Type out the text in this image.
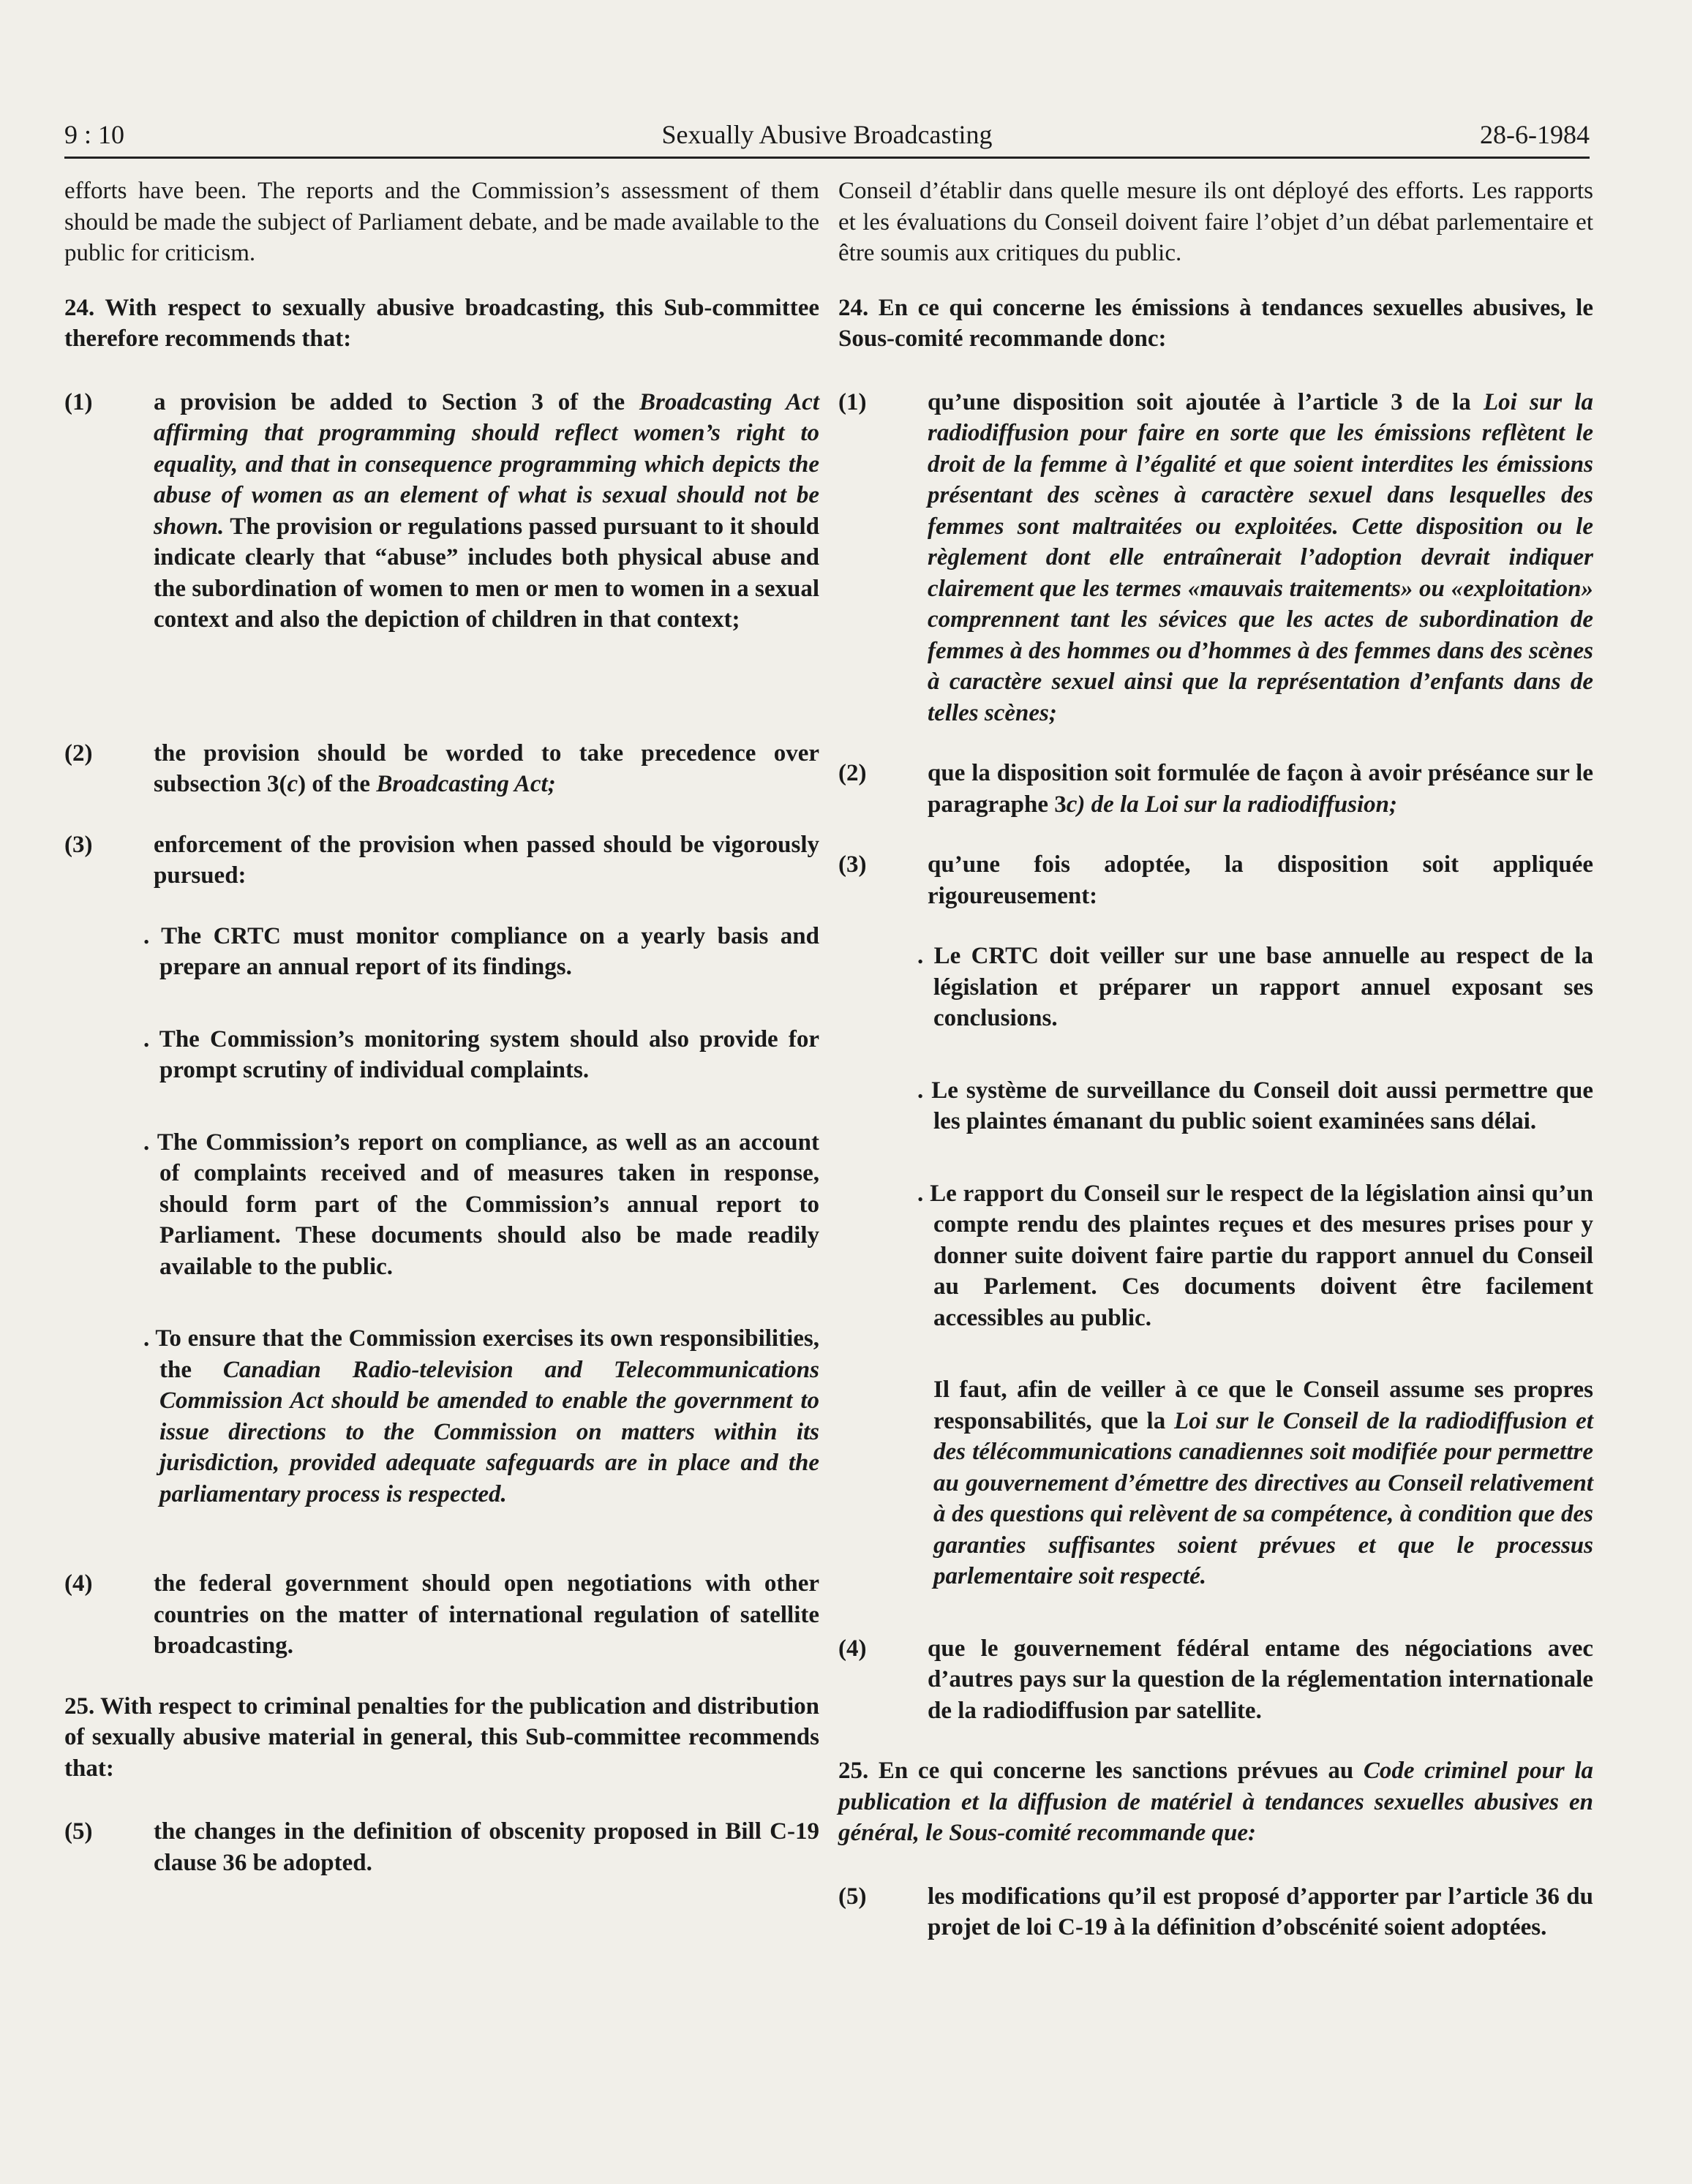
9 : 10	Sexually Abusive Broadcasting	28-6-1984

efforts have been. The reports and the Commission’s assessment of them should be made the subject of Parliament debate, and be made available to the public for criticism.

24. With respect to sexually abusive broadcasting, this Sub-committee therefore recommends that:

(1)	a provision be added to Section 3 of the Broadcasting Act affirming that programming should reflect women’s right to equality, and that in consequence programming which depicts the abuse of women as an element of what is sexual should not be shown. The provision or regulations passed pursuant to it should indicate clearly that “abuse” includes both physical abuse and the subordination of women to men or men to women in a sexual context and also the depiction of children in that context;
(2)	the provision should be worded to take precedence over subsection 3(c) of the Broadcasting Act;
(3)	enforcement of the provision when passed should be vigorously pursued:
. The CRTC must monitor compliance on a yearly basis and prepare an annual report of its findings.
. The Commission’s monitoring system should also provide for prompt scrutiny of individual complaints.
. The Commission’s report on compliance, as well as an account of complaints received and of measures taken in response, should form part of the Commission’s annual report to Parliament. These documents should also be made readily available to the public.
. To ensure that the Commission exercises its own responsibilities, the Canadian Radio-television and Telecommunications Commission Act should be amended to enable the government to issue directions to the Commission on matters within its jurisdiction, provided adequate safeguards are in place and the parliamentary process is respected.
(4)	the federal government should open negotiations with other countries on the matter of international regulation of satellite broadcasting.

25. With respect to criminal penalties for the publication and distribution of sexually abusive material in general, this Sub-committee recommends that:

(5)	the changes in the definition of obscenity proposed in Bill C-19 clause 36 be adopted.

Conseil d’établir dans quelle mesure ils ont déployé des efforts. Les rapports et les évaluations du Conseil doivent faire l’objet d’un débat parlementaire et être soumis aux critiques du public.

24. En ce qui concerne les émissions à tendances sexuelles abusives, le Sous-comité recommande donc:

(1)	qu’une disposition soit ajoutée à l’article 3 de la Loi sur la radiodiffusion pour faire en sorte que les émissions reflètent le droit de la femme à l’égalité et que soient interdites les émissions présentant des scènes à caractère sexuel dans lesquelles des femmes sont maltraitées ou exploitées. Cette disposition ou le règlement dont elle entraînerait l’adoption devrait indiquer clairement que les termes «mauvais traitements» ou «exploitation» comprennent tant les sévices que les actes de subordination de femmes à des hommes ou d’hommes à des femmes dans des scènes à caractère sexuel ainsi que la représentation d’enfants dans de telles scènes;
(2)	que la disposition soit formulée de façon à avoir préséance sur le paragraphe 3c) de la Loi sur la radiodiffusion;
(3)	qu’une fois adoptée, la disposition soit appliquée rigoureusement:
. Le CRTC doit veiller sur une base annuelle au respect de la législation et préparer un rapport annuel exposant ses conclusions.
. Le système de surveillance du Conseil doit aussi permettre que les plaintes émanant du public soient examinées sans délai.
. Le rapport du Conseil sur le respect de la législation ainsi qu’un compte rendu des plaintes reçues et des mesures prises pour y donner suite doivent faire partie du rapport annuel du Conseil au Parlement. Ces documents doivent être facilement accessibles au public.
Il faut, afin de veiller à ce que le Conseil assume ses propres responsabilités, que la Loi sur le Conseil de la radiodiffusion et des télécommunications canadiennes soit modifiée pour permettre au gouvernement d’émettre des directives au Conseil relativement à des questions qui relèvent de sa compétence, à condition que des garanties suffisantes soient prévues et que le processus parlementaire soit respecté.
(4)	que le gouvernement fédéral entame des négociations avec d’autres pays sur la question de la réglementation internationale de la radiodiffusion par satellite.

25. En ce qui concerne les sanctions prévues au Code criminel pour la publication et la diffusion de matériel à tendances sexuelles abusives en général, le Sous-comité recommande que:

(5)	les modifications qu’il est proposé d’apporter par l’article 36 du projet de loi C-19 à la définition d’obscénité soient adoptées.
